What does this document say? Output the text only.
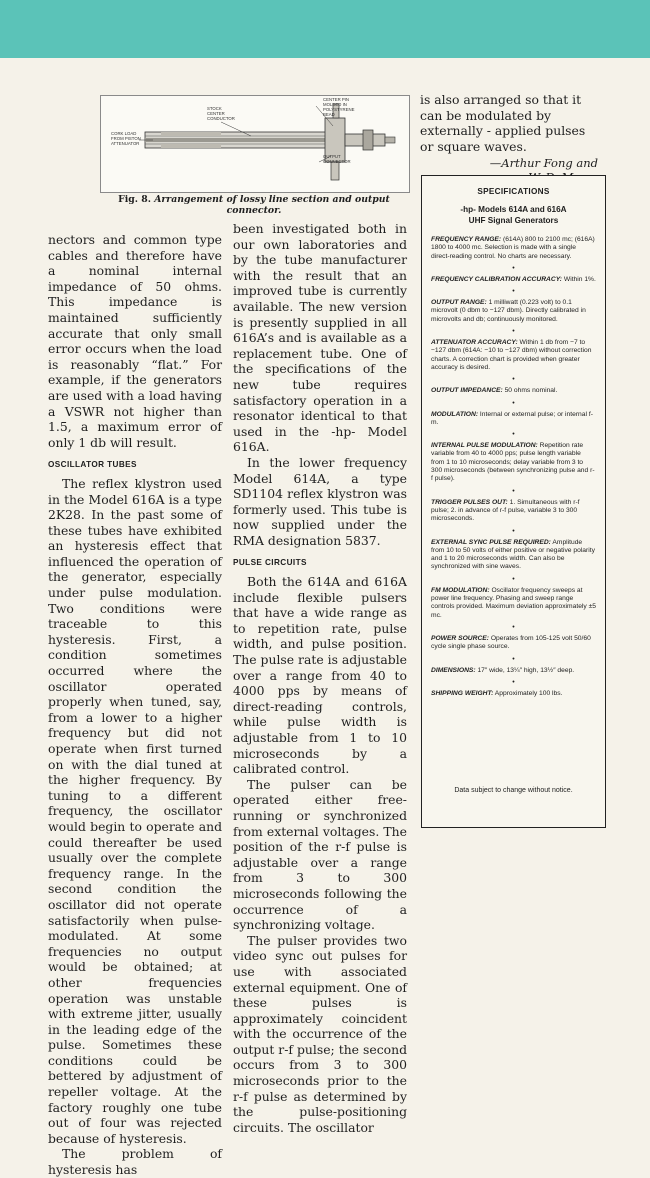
CORK LOAD
FROM PISTON
ATTENUATOR
STOCK
CENTER
CONDUCTOR
CENTER PIN
MOLDED IN
POLYSTYRENE
BEAD
OUTPUT
CONNECTOR
Fig. 8. Arrangement of lossy line section and output connector.

nectors and common type cables and therefore have a nominal internal impedance of 50 ohms. This impedance is maintained sufficiently accurate that only small error occurs when the load is reasonably “flat.” For example, if the generators are used with a load having a VSWR not higher than 1.5, a maximum error of only 1 db will result.

OSCILLATOR TUBES

The reflex klystron used in the Model 616A is a type 2K28. In the past some of these tubes have exhibited an hysteresis effect that influenced the operation of the generator, especially under pulse modulation. Two conditions were traceable to this hysteresis. First, a condition sometimes occurred where the oscillator operated properly when tuned, say, from a lower to a higher frequency but did not operate when first turned on with the dial tuned at the higher frequency. By tuning to a different frequency, the oscillator would begin to operate and could thereafter be used usually over the complete frequency range. In the second condition the oscillator did not operate satisfactorily when pulse-modulated. At some frequencies no output would be obtained; at other frequencies operation was unstable with extreme jitter, usually in the leading edge of the pulse. Sometimes these conditions could be bettered by adjustment of repeller voltage. At the factory roughly one tube out of four was rejected because of hysteresis.

The problem of hysteresis has

been investigated both in our own laboratories and by the tube manufacturer with the result that an improved tube is currently available. The new version is presently supplied in all 616A’s and is available as a replacement tube. One of the specifications of the new tube requires satisfactory operation in a resonator identical to that used in the -hp- Model 616A.

In the lower frequency Model 614A, a type SD1104 reflex klystron was formerly used. This tube is now supplied under the RMA designation 5837.

PULSE CIRCUITS

Both the 614A and 616A include flexible pulsers that have a wide range as to repetition rate, pulse width, and pulse position. The pulse rate is adjustable over a range from 40 to 4000 pps by means of direct-reading controls, while pulse width is adjustable from 1 to 10 microseconds by a calibrated control.

The pulser can be operated either free-running or synchronized from external voltages. The position of the r-f pulse is adjustable over a range from 3 to 300 microseconds following the occurrence of a synchronizing voltage.

The pulser provides two video sync out pulses for use with associated external equipment. One of these pulses is approximately coincident with the occurrence of the output r-f pulse; the second occurs from 3 to 300 microseconds prior to the r-f pulse as determined by the pulse-positioning circuits. The oscillator

is also arranged so that it can be modulated by externally - applied pulses or square waves.

—Arthur Fong and
SPECIFICATIONS
-hp- Models 614A and 616A
UHF Signal Generators

FREQUENCY RANGE: (614A) 800 to 2100 mc; (616A) 1800 to 4000 mc. Selection is made with a single direct-reading control. No charts are necessary.

•

FREQUENCY CALIBRATION ACCURACY: Within 1%.

•

OUTPUT RANGE: 1 milliwatt (0.223 volt) to 0.1 microvolt (0 dbm to −127 dbm). Directly calibrated in microvolts and db; continuously monitored.

•

ATTENUATOR ACCURACY: Within 1 db from −7 to −127 dbm (614A: −10 to −127 dbm) without correction charts. A correction chart is provided when greater accuracy is desired.

•

OUTPUT IMPEDANCE: 50 ohms nominal.

•

MODULATION: Internal or external pulse; or internal f-m.

•

INTERNAL PULSE MODULATION: Repetition rate variable from 40 to 4000 pps; pulse length variable from 1 to 10 microseconds; delay variable from 3 to 300 microseconds (between synchronizing pulse and r-f pulse).

•

TRIGGER PULSES OUT: 1. Simultaneous with r-f pulse; 2. in advance of r-f pulse, variable 3 to 300 microseconds.

•

EXTERNAL SYNC PULSE REQUIRED: Amplitude from 10 to 50 volts of either positive or negative polarity and 1 to 20 microseconds width. Can also be synchronized with sine waves.

•

FM MODULATION: Oscillator frequency sweeps at power line frequency. Phasing and sweep range controls provided. Maximum deviation approximately ±5 mc.

•

POWER SOURCE: Operates from 105-125 volt 50/60 cycle single phase source.

•

DIMENSIONS: 17″ wide, 13¼″ high, 13½″ deep.

•

SHIPPING WEIGHT: Approximately 100 lbs.

Data subject to change without notice.
